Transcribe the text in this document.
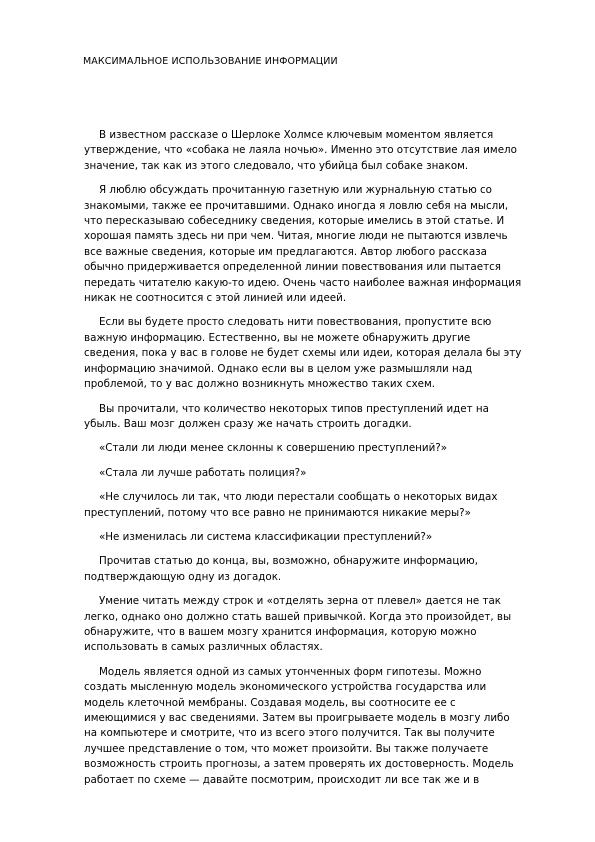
МАКСИМАЛЬНОЕ ИСПОЛЬЗОВАНИЕ ИНФОРМАЦИИ

В известном рассказе о Шерлоке Холмсе ключевым моментом является утверждение, что «собака не лаяла ночью». Именно это отсутствие лая имело значение, так как из этого следовало, что убийца был собаке знаком.

Я люблю обсуждать прочитанную газетную или журнальную статью со знакомыми, также ее прочитавшими. Однако иногда я ловлю себя на мысли, что пересказываю собеседнику сведения, которые имелись в этой статье. И хорошая память здесь ни при чем. Читая, многие люди не пытаются извлечь все важные сведения, которые им предлагаются. Автор любого рассказа обычно придерживается определенной линии повествования или пытается передать читателю какую-то идею. Очень часто наиболее важная информация никак не соотносится с этой линией или идеей.

Если вы будете просто следовать нити повествования, пропустите всю важную информацию. Естественно, вы не можете обнаружить другие сведения, пока у вас в голове не будет схемы или идеи, которая делала бы эту информацию значимой. Однако если вы в целом уже размышляли над проблемой, то у вас должно возникнуть множество таких схем.

Вы прочитали, что количество некоторых типов преступлений идет на убыль. Ваш мозг должен сразу же начать строить догадки.

«Стали ли люди менее склонны к совершению преступлений?»

«Стала ли лучше работать полиция?»

«Не случилось ли так, что люди перестали сообщать о некоторых видах преступлений, потому что все равно не принимаются никакие меры?»

«Не изменилась ли система классификации преступлений?»

Прочитав статью до конца, вы, возможно, обнаружите информацию, подтверждающую одну из догадок.

Умение читать между строк и «отделять зерна от плевел» дается не так легко, однако оно должно стать вашей привычкой. Когда это произойдет, вы обнаружите, что в вашем мозгу хранится информация, которую можно использовать в самых различных областях.

Модель является одной из самых утонченных форм гипотезы. Можно создать мысленную модель экономического устройства государства или модель клеточной мембраны. Создавая модель, вы соотносите ее с имеющимися у вас сведениями. Затем вы проигрываете модель в мозгу либо на компьютере и смотрите, что из всего этого получится. Так вы получите лучшее представление о том, что может произойти. Вы также получаете возможность строить прогнозы, а затем проверять их достоверность. Модель работает по схеме — давайте посмотрим, происходит ли все так же и в
